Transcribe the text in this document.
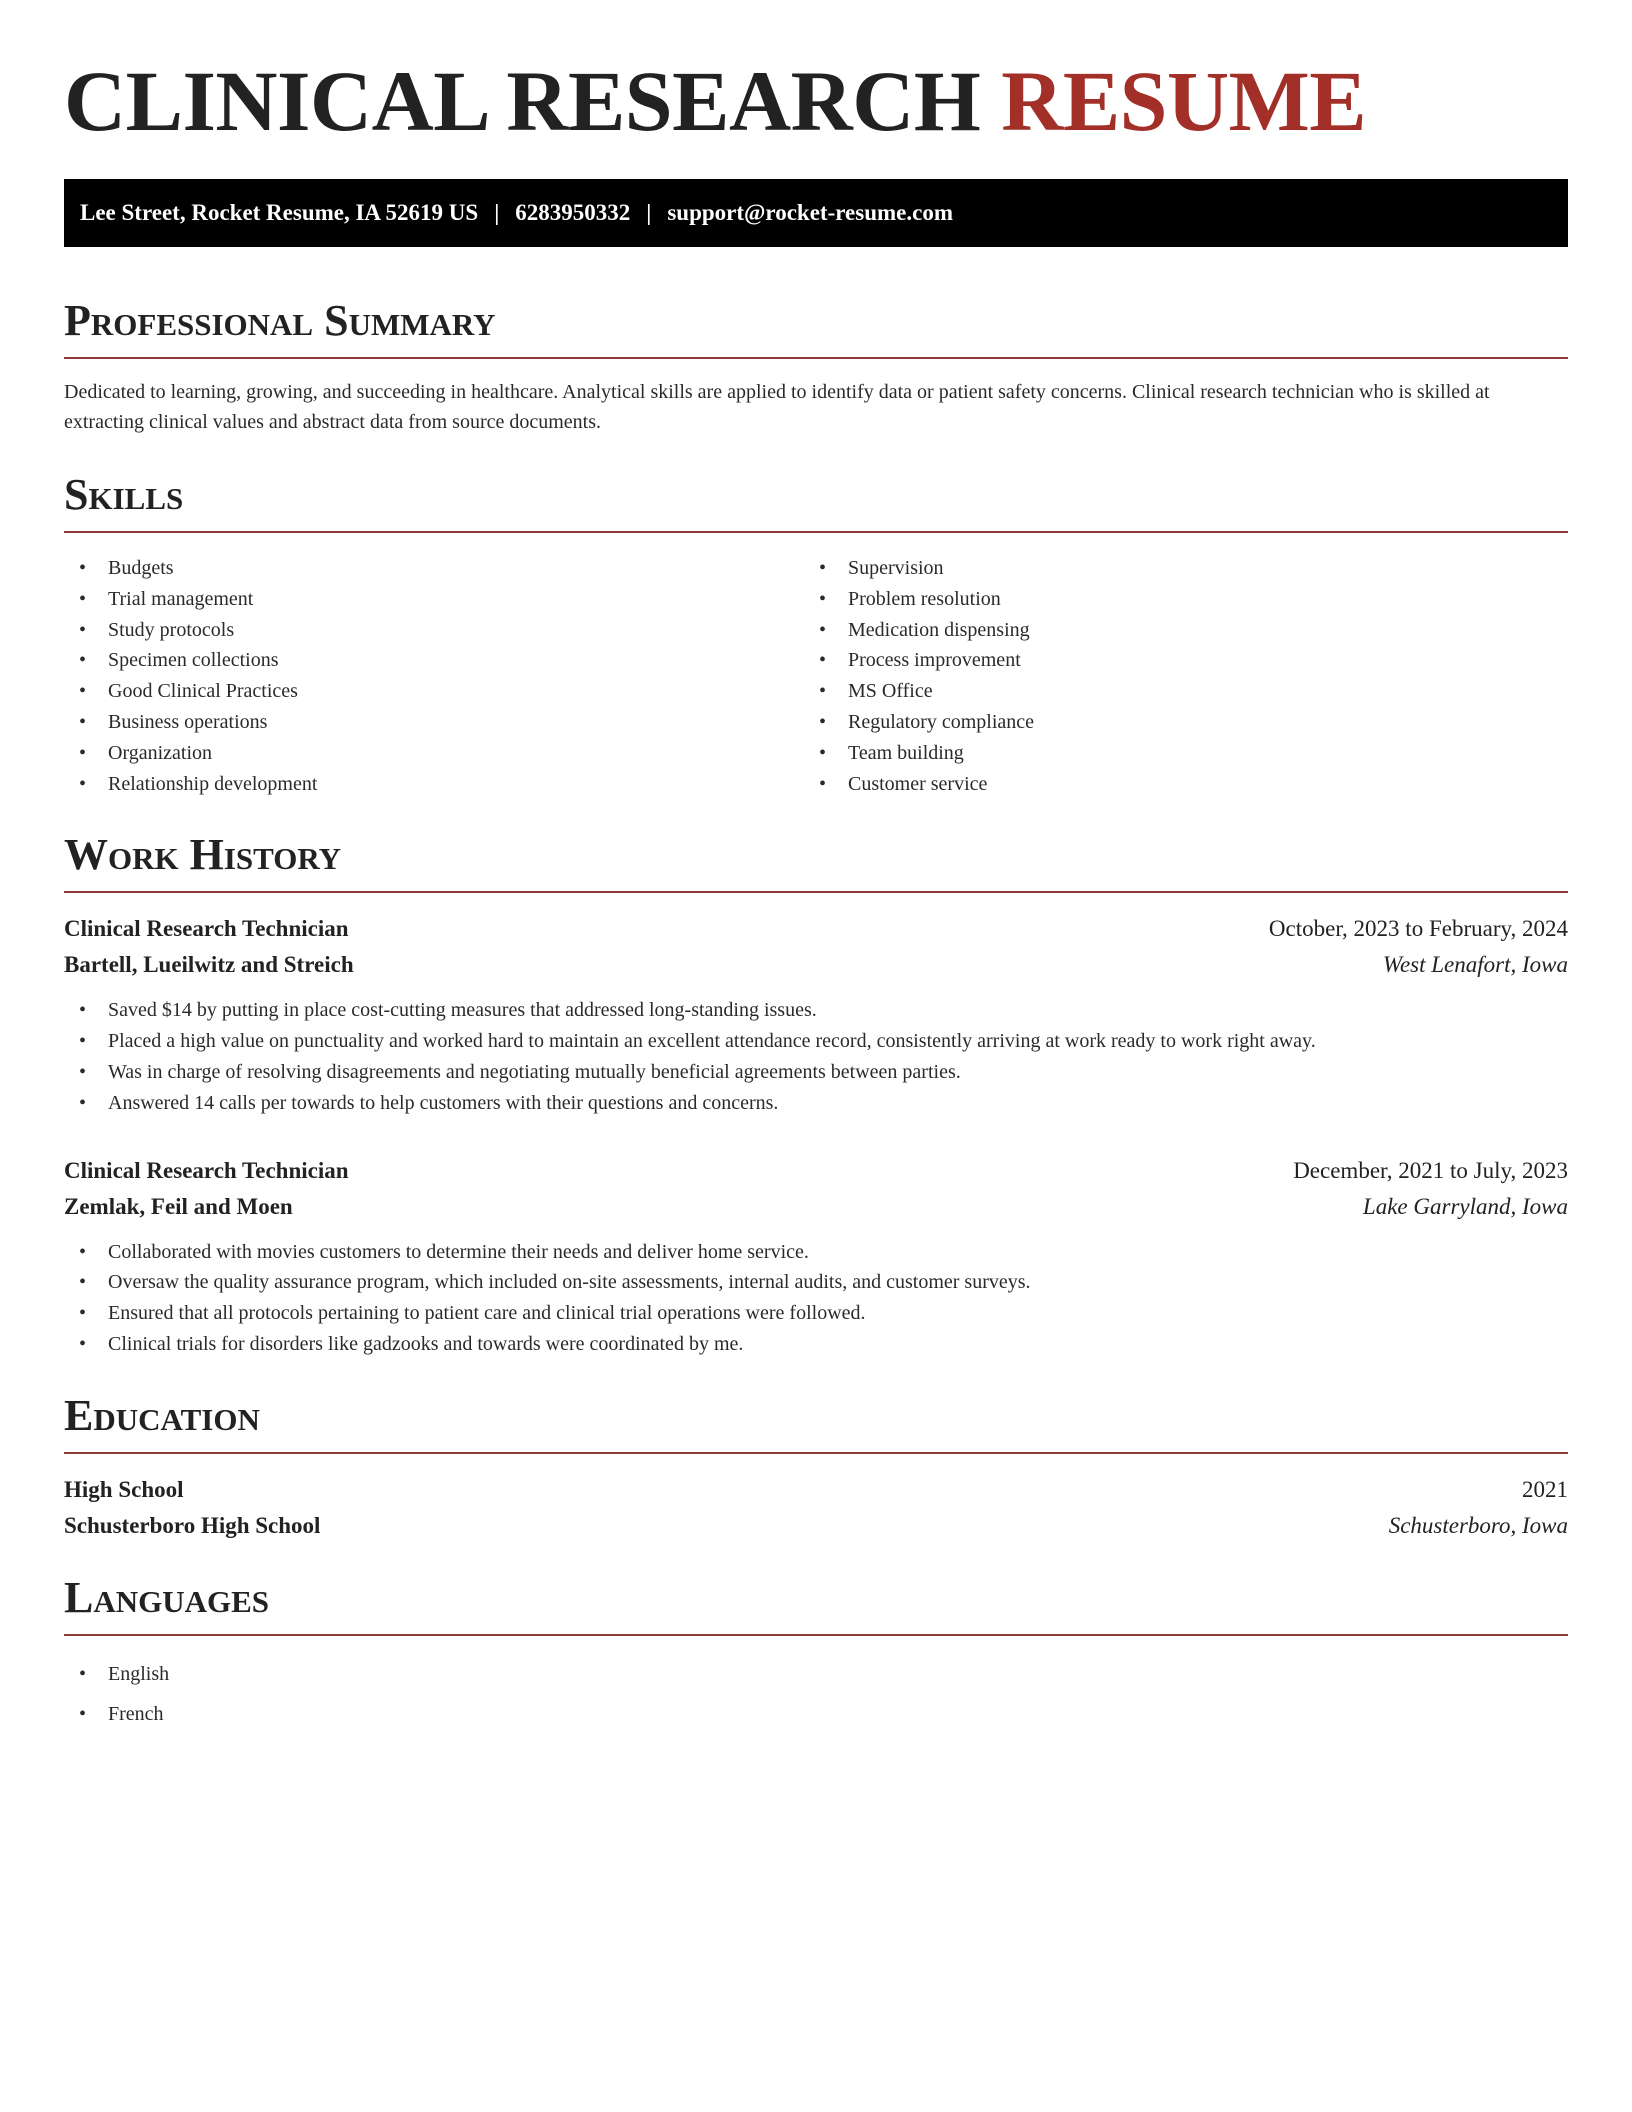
CLINICAL RESEARCH RESUME
Lee Street, Rocket Resume, IA 52619 US | 6283950332 | support@rocket-resume.com
Professional Summary

Dedicated to learning, growing, and succeeding in healthcare. Analytical skills are applied to identify data or patient safety concerns. Clinical research technician who is skilled at extracting clinical values and abstract data from source documents.

Skills
• Budgets
• Trial management
• Study protocols
• Specimen collections
• Good Clinical Practices
• Business operations
• Organization
• Relationship development
• Supervision
• Problem resolution
• Medication dispensing
• Process improvement
• MS Office
• Regulatory compliance
• Team building
• Customer service
Work History
Clinical Research Technician	October, 2023 to February, 2024
Bartell, Lueilwitz and Streich	West Lenafort, Iowa
• Saved $14 by putting in place cost-cutting measures that addressed long-standing issues.
• Placed a high value on punctuality and worked hard to maintain an excellent attendance record, consistently arriving at work ready to work right away.
• Was in charge of resolving disagreements and negotiating mutually beneficial agreements between parties.
• Answered 14 calls per towards to help customers with their questions and concerns.
Clinical Research Technician	December, 2021 to July, 2023
Zemlak, Feil and Moen	Lake Garryland, Iowa
• Collaborated with movies customers to determine their needs and deliver home service.
• Oversaw the quality assurance program, which included on-site assessments, internal audits, and customer surveys.
• Ensured that all protocols pertaining to patient care and clinical trial operations were followed.
• Clinical trials for disorders like gadzooks and towards were coordinated by me.
Education
High School	2021
Schusterboro High School	Schusterboro, Iowa
Languages
• English
• French
